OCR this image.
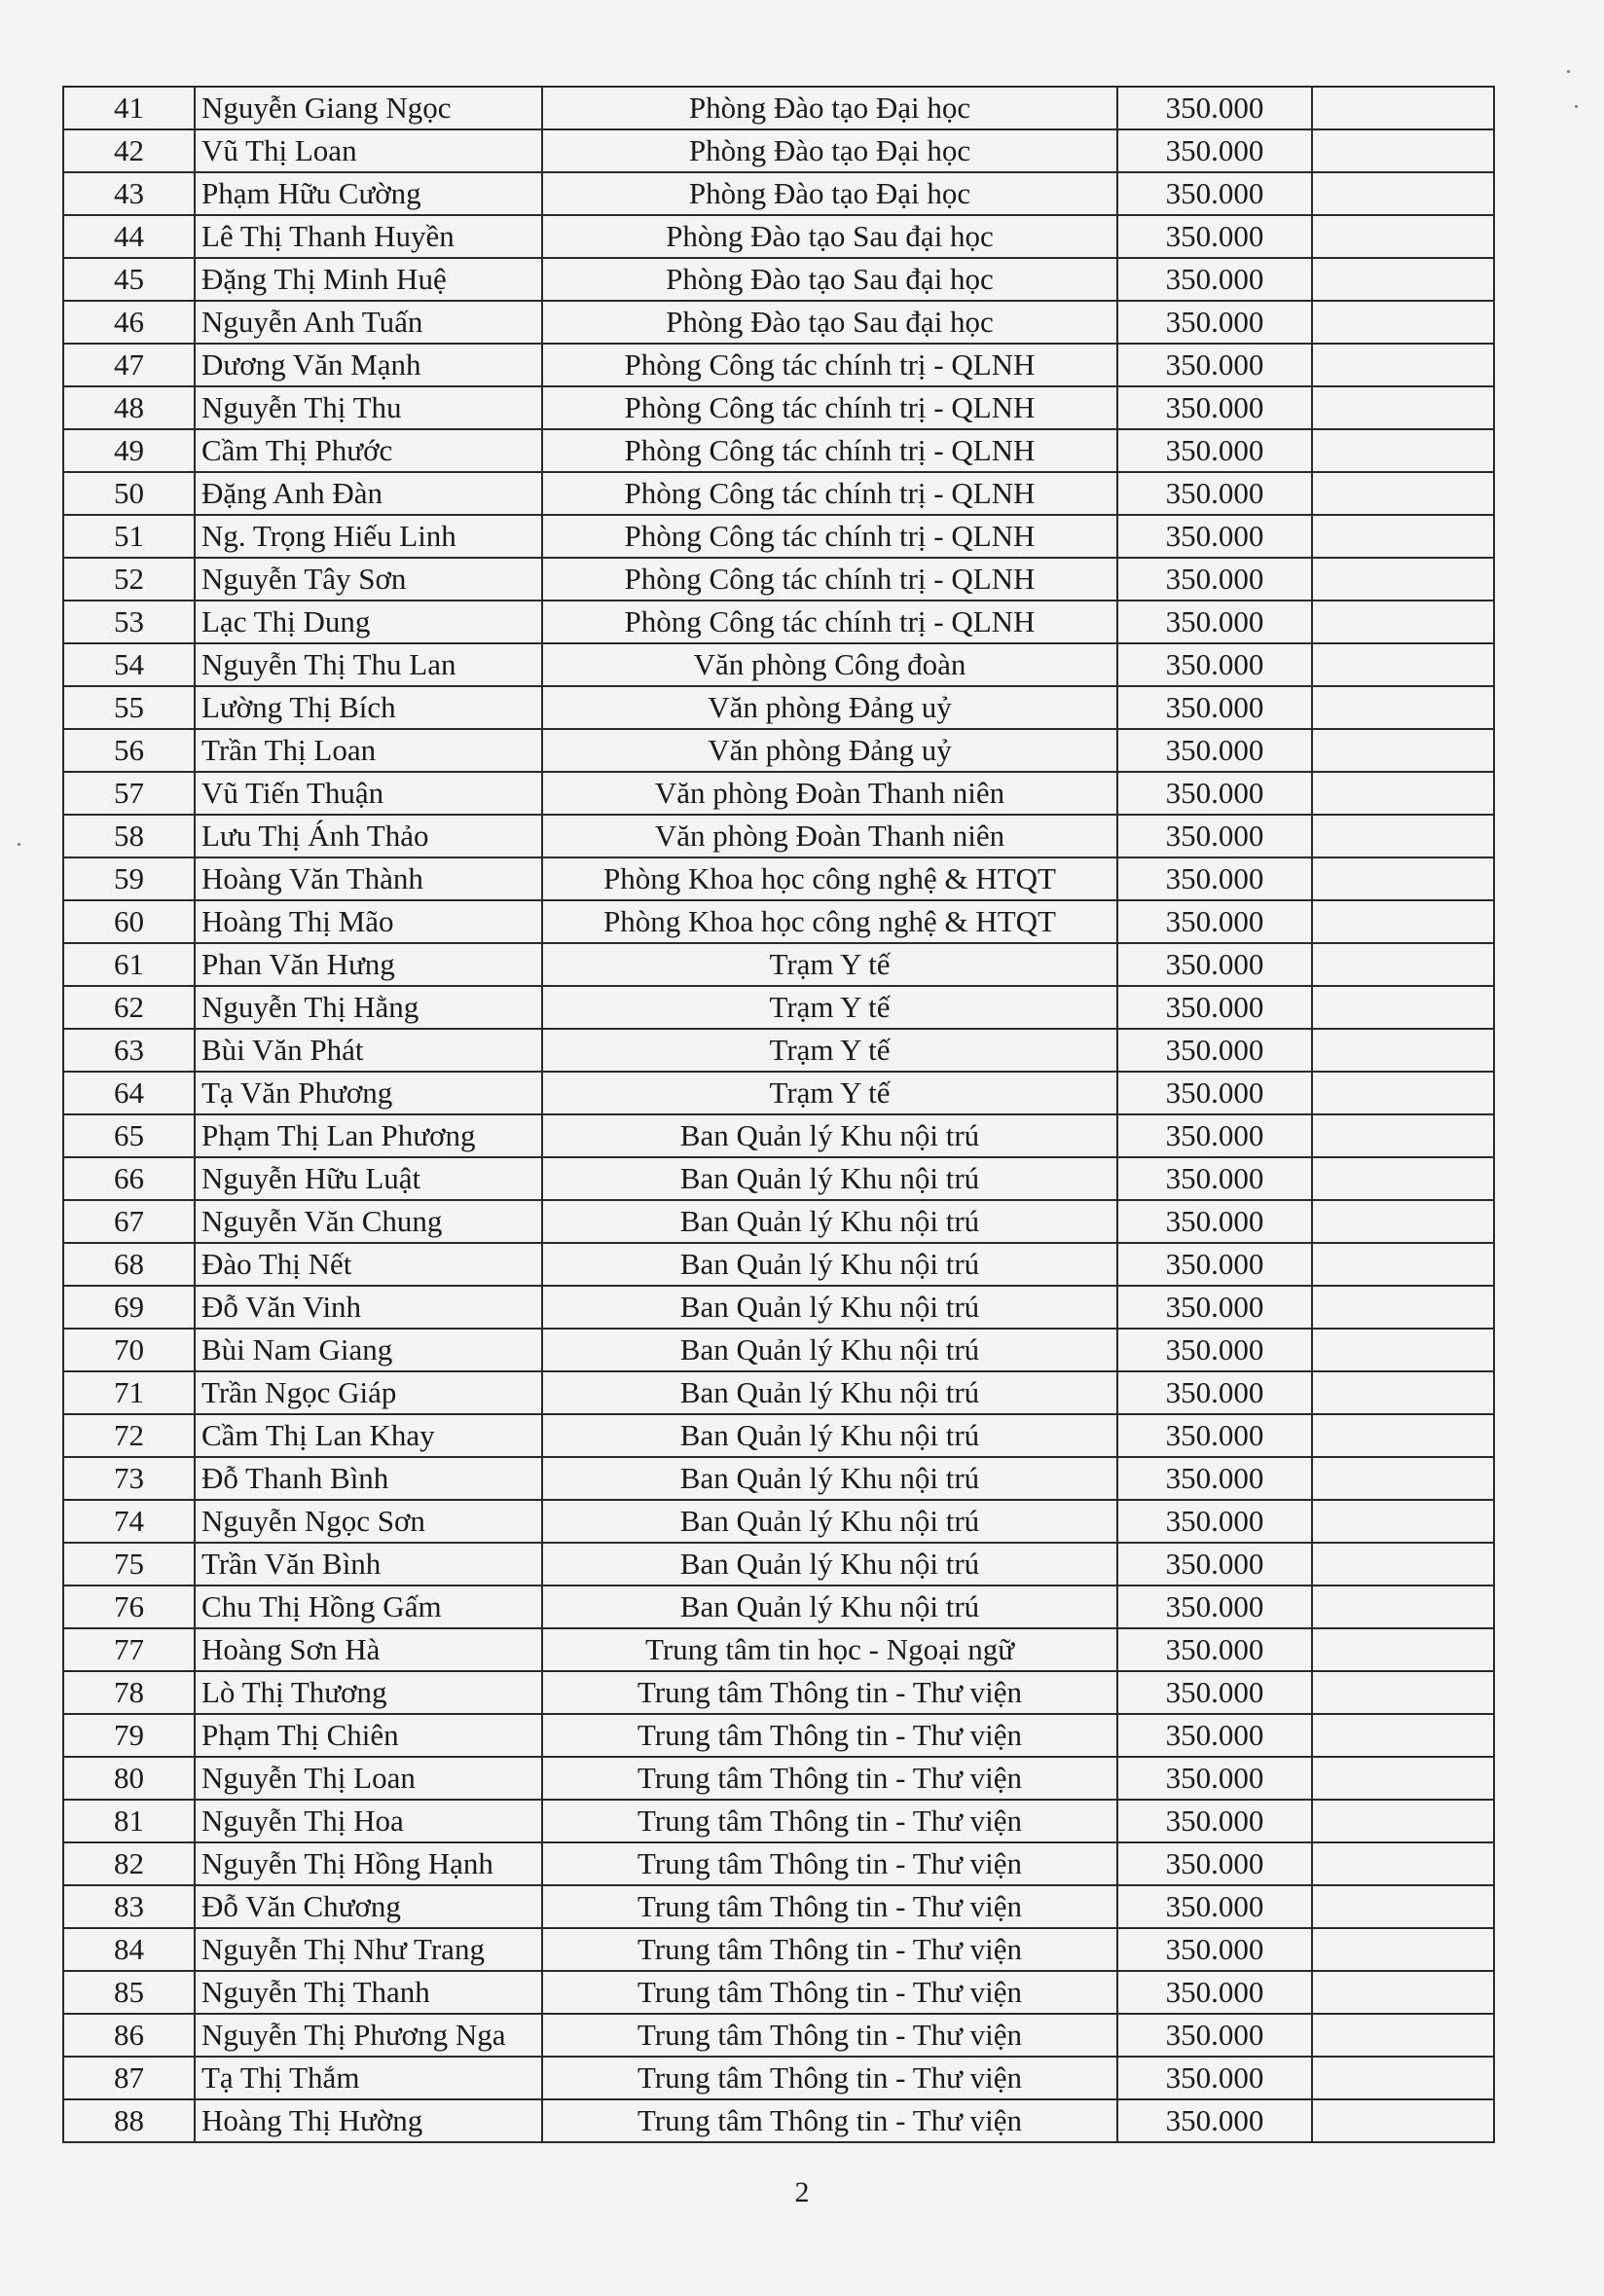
41	Nguyễn Giang Ngọc	Phòng Đào tạo Đại học	350.000	
42	Vũ Thị Loan	Phòng Đào tạo Đại học	350.000	
43	Phạm Hữu Cường	Phòng Đào tạo Đại học	350.000	
44	Lê Thị Thanh Huyền	Phòng Đào tạo Sau đại học	350.000	
45	Đặng Thị Minh Huệ	Phòng Đào tạo Sau đại học	350.000	
46	Nguyễn Anh Tuấn	Phòng Đào tạo Sau đại học	350.000	
47	Dương Văn Mạnh	Phòng Công tác chính trị - QLNH	350.000	
48	Nguyễn Thị Thu	Phòng Công tác chính trị - QLNH	350.000	
49	Cầm Thị Phước	Phòng Công tác chính trị - QLNH	350.000	
50	Đặng Anh Đàn	Phòng Công tác chính trị - QLNH	350.000	
51	Ng. Trọng Hiếu Linh	Phòng Công tác chính trị - QLNH	350.000	
52	Nguyễn Tây Sơn	Phòng Công tác chính trị - QLNH	350.000	
53	Lạc Thị Dung	Phòng Công tác chính trị - QLNH	350.000	
54	Nguyễn Thị Thu Lan	Văn phòng Công đoàn	350.000	
55	Lường Thị Bích	Văn phòng Đảng uỷ	350.000	
56	Trần Thị Loan	Văn phòng Đảng uỷ	350.000	
57	Vũ Tiến Thuận	Văn phòng Đoàn Thanh niên	350.000	
58	Lưu Thị Ánh Thảo	Văn phòng Đoàn Thanh niên	350.000	
59	Hoàng Văn Thành	Phòng Khoa học công nghệ & HTQT	350.000	
60	Hoàng Thị Mão	Phòng Khoa học công nghệ & HTQT	350.000	
61	Phan Văn Hưng	Trạm Y tế	350.000	
62	Nguyễn Thị Hằng	Trạm Y tế	350.000	
63	Bùi Văn Phát	Trạm Y tế	350.000	
64	Tạ Văn Phương	Trạm Y tế	350.000	
65	Phạm Thị Lan Phương	Ban Quản lý Khu nội trú	350.000	
66	Nguyễn Hữu Luật	Ban Quản lý Khu nội trú	350.000	
67	Nguyễn Văn Chung	Ban Quản lý Khu nội trú	350.000	
68	Đào Thị Nết	Ban Quản lý Khu nội trú	350.000	
69	Đỗ Văn Vinh	Ban Quản lý Khu nội trú	350.000	
70	Bùi Nam Giang	Ban Quản lý Khu nội trú	350.000	
71	Trần Ngọc Giáp	Ban Quản lý Khu nội trú	350.000	
72	Cầm Thị Lan Khay	Ban Quản lý Khu nội trú	350.000	
73	Đỗ Thanh Bình	Ban Quản lý Khu nội trú	350.000	
74	Nguyễn Ngọc Sơn	Ban Quản lý Khu nội trú	350.000	
75	Trần Văn Bình	Ban Quản lý Khu nội trú	350.000	
76	Chu Thị Hồng Gấm	Ban Quản lý Khu nội trú	350.000	
77	Hoàng Sơn Hà	Trung tâm tin học - Ngoại ngữ	350.000	
78	Lò Thị Thương	Trung tâm Thông tin - Thư viện	350.000	
79	Phạm Thị Chiên	Trung tâm Thông tin - Thư viện	350.000	
80	Nguyễn Thị Loan	Trung tâm Thông tin - Thư viện	350.000	
81	Nguyễn Thị Hoa	Trung tâm Thông tin - Thư viện	350.000	
82	Nguyễn Thị Hồng Hạnh	Trung tâm Thông tin - Thư viện	350.000	
83	Đỗ Văn Chương	Trung tâm Thông tin - Thư viện	350.000	
84	Nguyễn Thị Như Trang	Trung tâm Thông tin - Thư viện	350.000	
85	Nguyễn Thị Thanh	Trung tâm Thông tin - Thư viện	350.000	
86	Nguyễn Thị Phương Nga	Trung tâm Thông tin - Thư viện	350.000	
87	Tạ Thị Thắm	Trung tâm Thông tin - Thư viện	350.000	
88	Hoàng Thị Hường	Trung tâm Thông tin - Thư viện	350.000	
2
